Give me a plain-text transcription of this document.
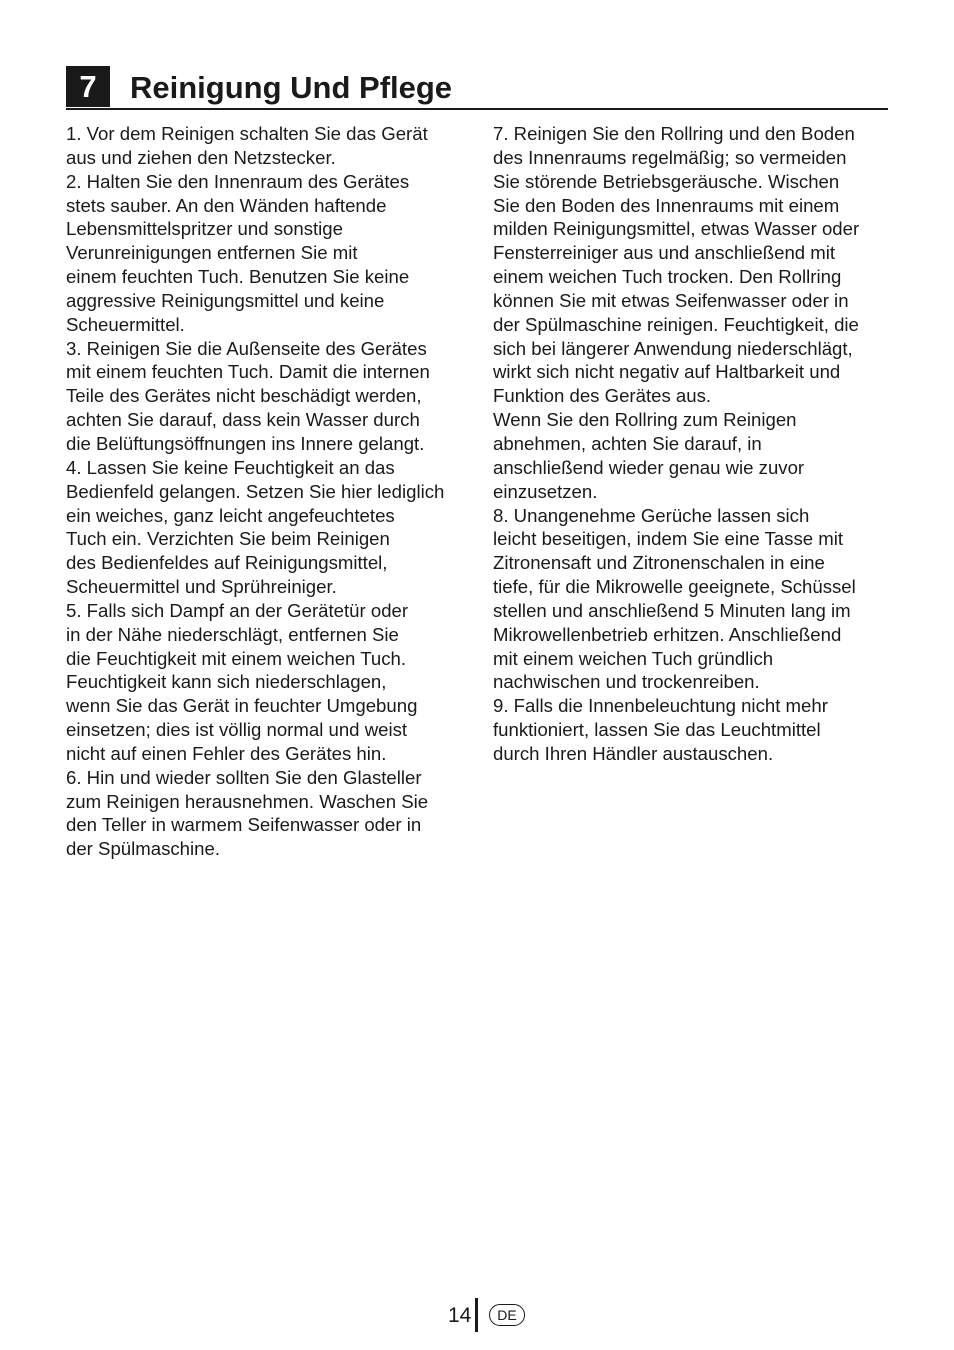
7	Reinigung Und Pflege
1. Vor dem Reinigen schalten Sie das Gerät
aus und ziehen den Netzstecker.
2. Halten Sie den Innenraum des Gerätes
stets sauber. An den Wänden haftende
Lebensmittelspritzer und sonstige
Verunreinigungen entfernen Sie mit
einem feuchten Tuch. Benutzen Sie keine
aggressive Reinigungsmittel und keine
Scheuermittel.
3. Reinigen Sie die Außenseite des Gerätes
mit einem feuchten Tuch. Damit die internen
Teile des Gerätes nicht beschädigt werden,
achten Sie darauf, dass kein Wasser durch
die Belüftungsöffnungen ins Innere gelangt.
4. Lassen Sie keine Feuchtigkeit an das
Bedienfeld gelangen. Setzen Sie hier lediglich
ein weiches, ganz leicht angefeuchtetes
Tuch ein. Verzichten Sie beim Reinigen
des Bedienfeldes auf Reinigungsmittel,
Scheuermittel und Sprühreiniger.
5. Falls sich Dampf an der Gerätetür oder
in der Nähe niederschlägt, entfernen Sie
die Feuchtigkeit mit einem weichen Tuch.
Feuchtigkeit kann sich niederschlagen,
wenn Sie das Gerät in feuchter Umgebung
einsetzen; dies ist völlig normal und weist
nicht auf einen Fehler des Gerätes hin.
6. Hin und wieder sollten Sie den Glasteller
zum Reinigen herausnehmen. Waschen Sie
den Teller in warmem Seifenwasser oder in
der Spülmaschine.
7. Reinigen Sie den Rollring und den Boden
des Innenraums regelmäßig; so vermeiden
Sie störende Betriebsgeräusche. Wischen
Sie den Boden des Innenraums mit einem
milden Reinigungsmittel, etwas Wasser oder
Fensterreiniger aus und anschließend mit
einem weichen Tuch trocken. Den Rollring
können Sie mit etwas Seifenwasser oder in
der Spülmaschine reinigen. Feuchtigkeit, die
sich bei längerer Anwendung niederschlägt,
wirkt sich nicht negativ auf Haltbarkeit und
Funktion des Gerätes aus.
Wenn Sie den Rollring zum Reinigen
abnehmen, achten Sie darauf, in
anschließend wieder genau wie zuvor
einzusetzen.
8. Unangenehme Gerüche lassen sich
leicht beseitigen, indem Sie eine Tasse mit
Zitronensaft und Zitronenschalen in eine
tiefe, für die Mikrowelle geeignete, Schüssel
stellen und anschließend 5 Minuten lang im
Mikrowellenbetrieb erhitzen. Anschließend
mit einem weichen Tuch gründlich
nachwischen und trockenreiben.
9. Falls die Innenbeleuchtung nicht mehr
funktioniert, lassen Sie das Leuchtmittel
durch Ihren Händler austauschen.
14	DE
